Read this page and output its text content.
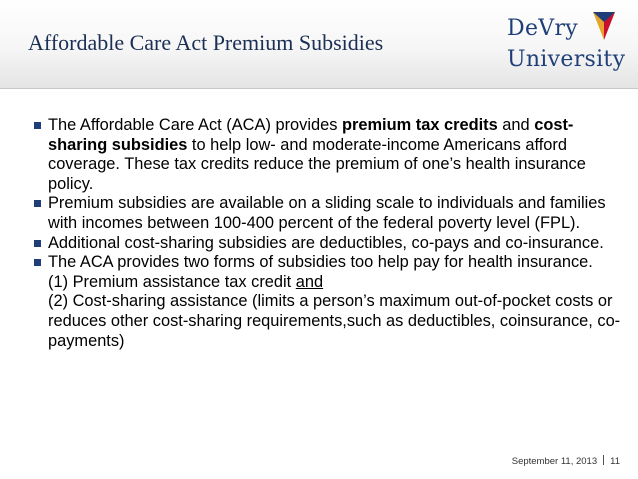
Affordable Care Act Premium Subsidies
DeVry
University

The Affordable Care Act (ACA) provides premium tax credits and cost-sharing subsidies to help low- and moderate-income Americans afford coverage. These tax credits reduce the premium of one’s health insurance policy.

Premium subsidies are available on a sliding scale to individuals and families with incomes between 100-400 percent of the federal poverty level (FPL).

Additional cost-sharing subsidies are deductibles, co-pays and co-insurance.

The ACA provides two forms of subsidies too help pay for health insurance.
(1) Premium assistance tax credit and
(2) Cost-sharing assistance (limits a person’s maximum out-of-pocket costs or reduces other cost-sharing requirements,such as deductibles, coinsurance, co-payments)

September 11, 2013 11
